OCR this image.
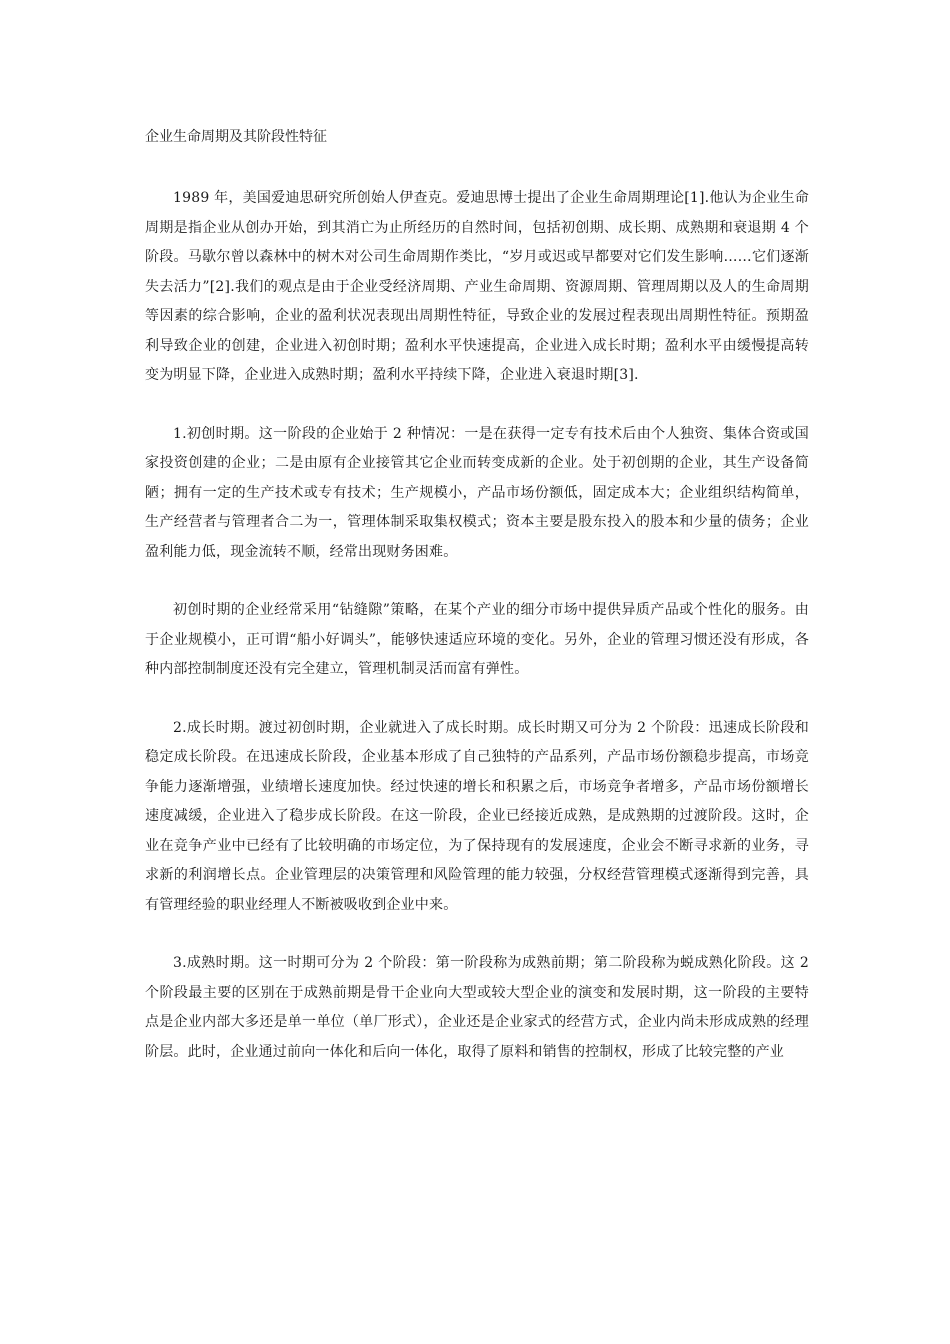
企业生命周期及其阶段性特征

1989 年，美国爱迪思研究所创始人伊查克。爱迪思博士提出了企业生命周期理论[1].他认为企业生命周期是指企业从创办开始，到其消亡为止所经历的自然时间，包括初创期、成长期、成熟期和衰退期 4 个阶段。马歇尔曾以森林中的树木对公司生命周期作类比，“岁月或迟或早都要对它们发生影响……它们逐渐失去活力”[2].我们的观点是由于企业受经济周期、产业生命周期、资源周期、管理周期以及人的生命周期等因素的综合影响，企业的盈利状况表现出周期性特征，导致企业的发展过程表现出周期性特征。预期盈利导致企业的创建，企业进入初创时期；盈利水平快速提高，企业进入成长时期；盈利水平由缓慢提高转变为明显下降，企业进入成熟时期；盈利水平持续下降，企业进入衰退时期[3].

1.初创时期。这一阶段的企业始于 2 种情况：一是在获得一定专有技术后由个人独资、集体合资或国家投资创建的企业；二是由原有企业接管其它企业而转变成新的企业。处于初创期的企业，其生产设备简陋；拥有一定的生产技术或专有技术；生产规模小，产品市场份额低，固定成本大；企业组织结构简单，生产经营者与管理者合二为一，管理体制采取集权模式；资本主要是股东投入的股本和少量的债务；企业盈利能力低，现金流转不顺，经常出现财务困难。

初创时期的企业经常采用“钻缝隙”策略，在某个产业的细分市场中提供异质产品或个性化的服务。由于企业规模小，正可谓“船小好调头”，能够快速适应环境的变化。另外，企业的管理习惯还没有形成，各种内部控制制度还没有完全建立，管理机制灵活而富有弹性。

2.成长时期。渡过初创时期，企业就进入了成长时期。成长时期又可分为 2 个阶段：迅速成长阶段和稳定成长阶段。在迅速成长阶段，企业基本形成了自己独特的产品系列，产品市场份额稳步提高，市场竞争能力逐渐增强，业绩增长速度加快。经过快速的增长和积累之后，市场竞争者增多，产品市场份额增长速度减缓，企业进入了稳步成长阶段。在这一阶段，企业已经接近成熟，是成熟期的过渡阶段。这时，企业在竞争产业中已经有了比较明确的市场定位，为了保持现有的发展速度，企业会不断寻求新的业务，寻求新的利润增长点。企业管理层的决策管理和风险管理的能力较强，分权经营管理模式逐渐得到完善，具有管理经验的职业经理人不断被吸收到企业中来。

3.成熟时期。这一时期可分为 2 个阶段：第一阶段称为成熟前期；第二阶段称为蜕成熟化阶段。这 2 个阶段最主要的区别在于成熟前期是骨干企业向大型或较大型企业的演变和发展时期，这一阶段的主要特点是企业内部大多还是单一单位（单厂形式），企业还是企业家式的经营方式，企业内尚未形成成熟的经理阶层。此时，企业通过前向一体化和后向一体化，取得了原料和销售的控制权，形成了比较完整的产业
